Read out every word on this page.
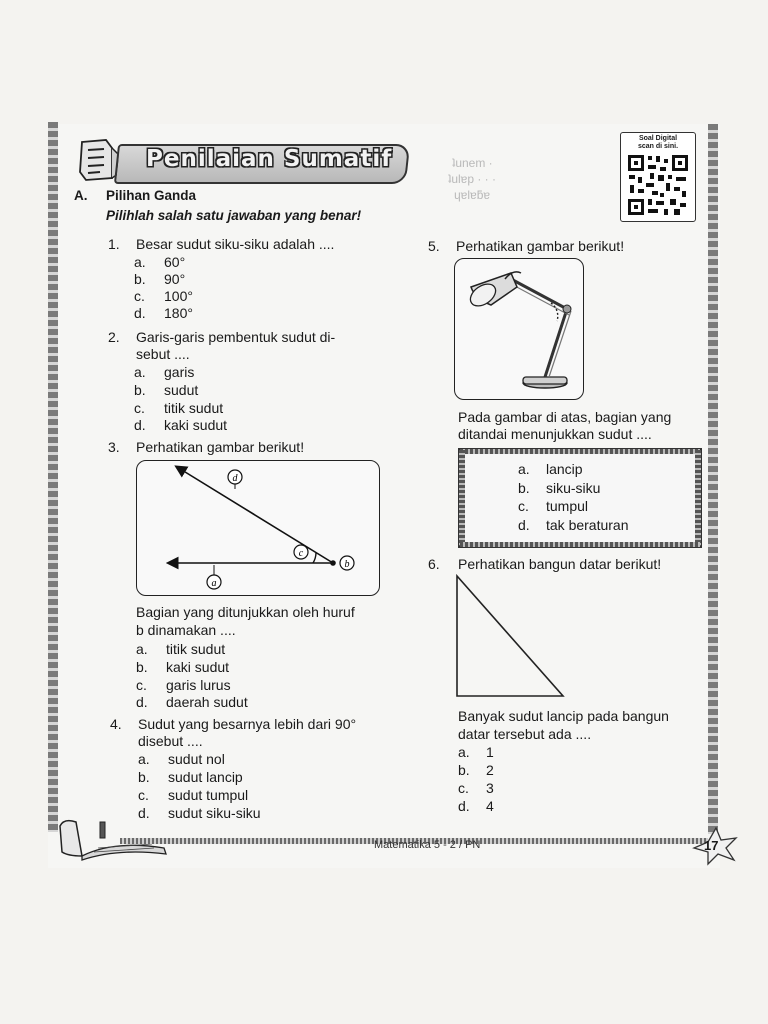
ʇunem ·
ʇulɐp · · ·
ɥɐlɐƃɐ
Penilaian Sumatif
Soal Digital
scan di sini.
A. Pilihan Ganda
Pilihlah salah satu jawaban yang benar!
1. Besar sudut siku-siku adalah ....
a. 60°
b. 90°
c. 100°
d. 180°
2. Garis-garis pembentuk sudut di-
sebut ....
a. garis
b. sudut
c. titik sudut
d. kaki sudut
3. Perhatikan gambar berikut!
d
c
b
a
Bagian yang ditunjukkan oleh huruf
b dinamakan ....
a. titik sudut
b. kaki sudut
c. garis lurus
d. daerah sudut
4. Sudut yang besarnya lebih dari 90°
disebut ....
a. sudut nol
b. sudut lancip
c. sudut tumpul
d. sudut siku-siku
5. Perhatikan gambar berikut!
Pada gambar di atas, bagian yang
ditandai menunjukkan sudut ....
a. lancip
b. siku-siku
c. tumpul
d. tak beraturan
6. Perhatikan bangun datar berikut!
Banyak sudut lancip pada bangun
datar tersebut ada ....
a. 1
b. 2
c. 3
d. 4
Matematika 5 - 2 / PN	17
